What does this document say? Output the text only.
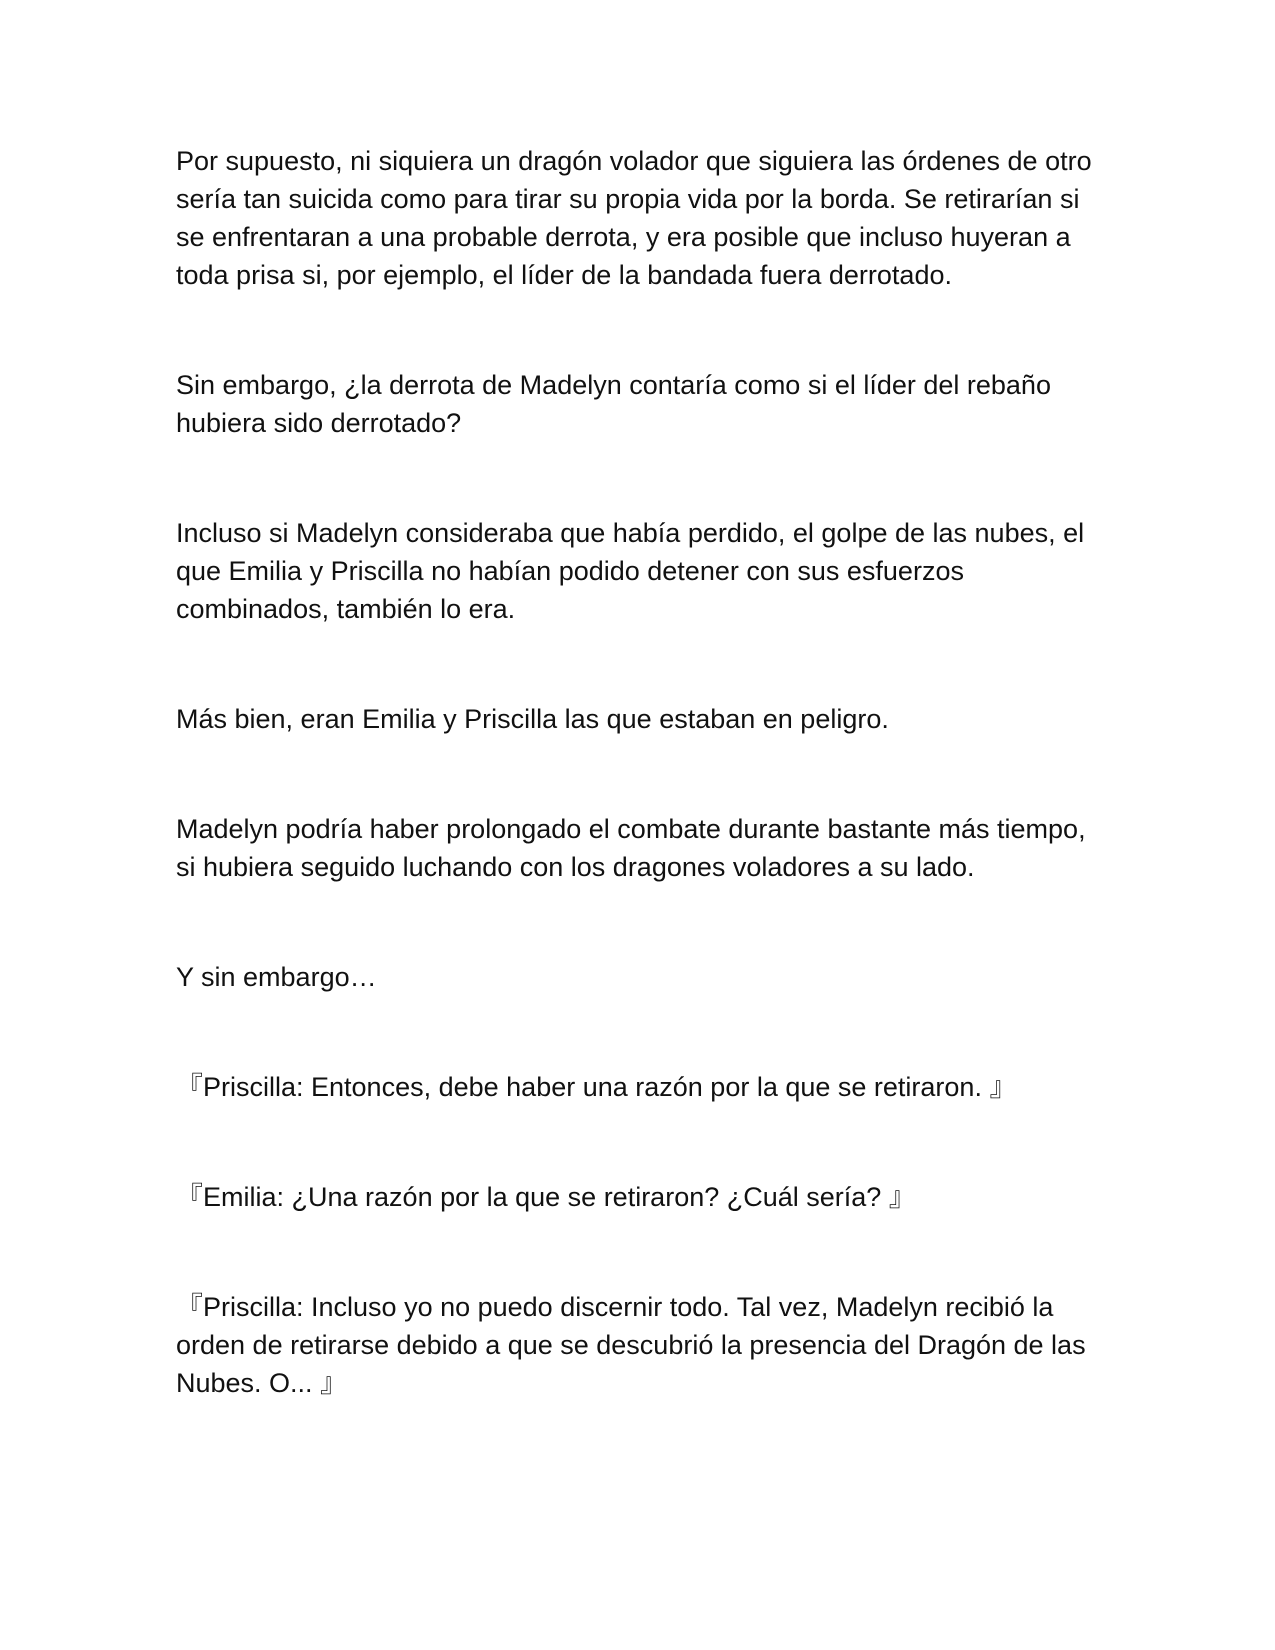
Por supuesto, ni siquiera un dragón volador que siguiera las órdenes de otro sería tan suicida como para tirar su propia vida por la borda. Se retirarían si se enfrentaran a una probable derrota, y era posible que incluso huyeran a toda prisa si, por ejemplo, el líder de la bandada fuera derrotado.

Sin embargo, ¿la derrota de Madelyn contaría como si el líder del rebaño hubiera sido derrotado?

Incluso si Madelyn consideraba que había perdido, el golpe de las nubes, el que Emilia y Priscilla no habían podido detener con sus esfuerzos combinados, también lo era.

Más bien, eran Emilia y Priscilla las que estaban en peligro.

Madelyn podría haber prolongado el combate durante bastante más tiempo, si hubiera seguido luchando con los dragones voladores a su lado.

Y sin embargo…

『Priscilla: Entonces, debe haber una razón por la que se retiraron. 』

『Emilia: ¿Una razón por la que se retiraron? ¿Cuál sería? 』

『Priscilla: Incluso yo no puedo discernir todo. Tal vez, Madelyn recibió la orden de retirarse debido a que se descubrió la presencia del Dragón de las Nubes. O... 』
